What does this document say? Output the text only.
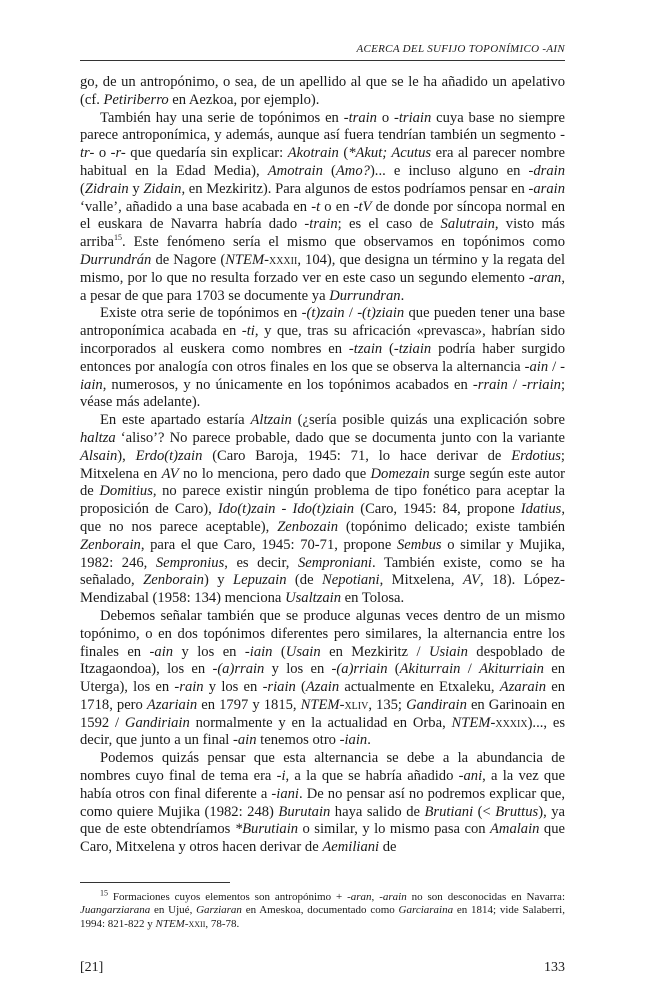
ACERCA DEL SUFIJO TOPONÍMICO -AIN

go, de un antropónimo, o sea, de un apellido al que se le ha añadido un apelativo (cf. Petiriberro en Aezkoa, por ejemplo).

También hay una serie de topónimos en -train o -triain cuya base no siempre parece antroponímica, y además, aunque así fuera tendrían también un segmento -tr- o -r- que quedaría sin explicar: Akotrain (*Akut; Acutus era al parecer nombre habitual en la Edad Media), Amotrain (Amo?)... e incluso alguno en -drain (Zidrain y Zidain, en Mezkiritz). Para algunos de estos podríamos pensar en -arain ‘valle’, añadido a una base acabada en -t o en -tV de donde por síncopa normal en el euskara de Navarra habría dado -train; es el caso de Salutrain, visto más arriba$^{15}$. Este fenómeno sería el mismo que observamos en topónimos como Durrundrán de Nagore (NTEM-xxxii, 104), que designa un término y la regata del mismo, por lo que no resulta forzado ver en este caso un segundo elemento -aran, a pesar de que para 1703 se documente ya Durrundran.

Existe otra serie de topónimos en -(t)zain / -(t)ziain que pueden tener una base antroponímica acabada en -ti, y que, tras su africación «prevasca», habrían sido incorporados al euskera como nombres en -tzain (-tziain podría haber surgido entonces por analogía con otros finales en los que se observa la alternancia -ain / -iain, numerosos, y no únicamente en los topónimos acabados en -rrain / -rriain; véase más adelante).

En este apartado estaría Altzain (¿sería posible quizás una explicación sobre haltza ‘aliso’? No parece probable, dado que se documenta junto con la variante Alsain), Erdo(t)zain (Caro Baroja, 1945: 71, lo hace derivar de Erdotius; Mitxelena en AV no lo menciona, pero dado que Domezain surge según este autor de Domitius, no parece existir ningún problema de tipo fonético para aceptar la proposición de Caro), Ido(t)zain - Ido(t)ziain (Caro, 1945: 84, propone Idatius, que no nos parece aceptable), Zenbozain (topónimo delicado; existe también Zenborain, para el que Caro, 1945: 70-71, propone Sembus o similar y Mujika, 1982: 246, Sempronius, es decir, Semproniani. También existe, como se ha señalado, Zenborain) y Lepuzain (de Nepotiani, Mitxelena, AV, 18). López-Mendizabal (1958: 134) menciona Usaltzain en Tolosa.

Debemos señalar también que se produce algunas veces dentro de un mismo topónimo, o en dos topónimos diferentes pero similares, la alternancia entre los finales en -ain y los en -iain (Usain en Mezkiritz / Usiain despoblado de Itzagaondoa), los en -(a)rrain y los en -(a)rriain (Akiturrain / Akiturriain en Uterga), los en -rain y los en -riain (Azain actualmente en Etxaleku, Azarain en 1718, pero Azariain en 1797 y 1815, NTEM-xliv, 135; Gandirain en Garinoain en 1592 / Gandiriain normalmente y en la actualidad en Orba, NTEM-xxxix)..., es decir, que junto a un final -ain tenemos otro -iain.

Podemos quizás pensar que esta alternancia se debe a la abundancia de nombres cuyo final de tema era -i, a la que se habría añadido -ani, a la vez que había otros con final diferente a -iani. De no pensar así no podremos explicar que, como quiere Mujika (1982: 248) Burutain haya salido de Brutiani (< Bruttus), ya que de este obtendríamos *Burutiain o similar, y lo mismo pasa con Amalain que Caro, Mitxelena y otros hacen derivar de Aemiliani de

$^{15}$ Formaciones cuyos elementos son antropónimo + -aran, -arain no son desconocidas en Navarra: Juangarziarana en Ujué, Garziaran en Ameskoa, documentado como Garciaraina en 1814; vide Salaberri, 1994: 821-822 y NTEM-xxii, 78-78.

[21]	133
